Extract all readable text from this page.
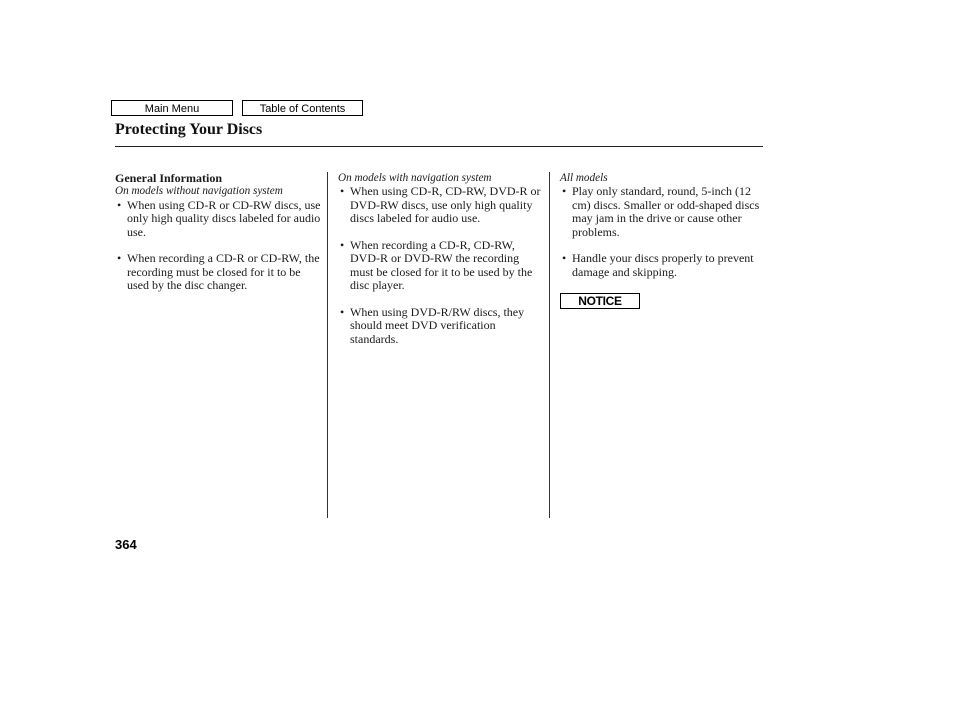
Main Menu	Table of Contents
Protecting Your Discs
General Information
On models without navigation system
• When using CD-R or CD-RW discs, use only high quality discs labeled for audio use.
• When recording a CD-R or CD-RW, the recording must be closed for it to be used by the disc changer.
On models with navigation system
• When using CD-R, CD-RW, DVD-R or DVD-RW discs, use only high quality discs labeled for audio use.
• When recording a CD-R, CD-RW, DVD-R or DVD-RW the recording must be closed for it to be used by the disc player.
• When using DVD-R/RW discs, they should meet DVD verification standards.
All models
• Play only standard, round, 5-inch (12 cm) discs. Smaller or odd-shaped discs may jam in the drive or cause other problems.
• Handle your discs properly to prevent damage and skipping.
NOTICE
364
